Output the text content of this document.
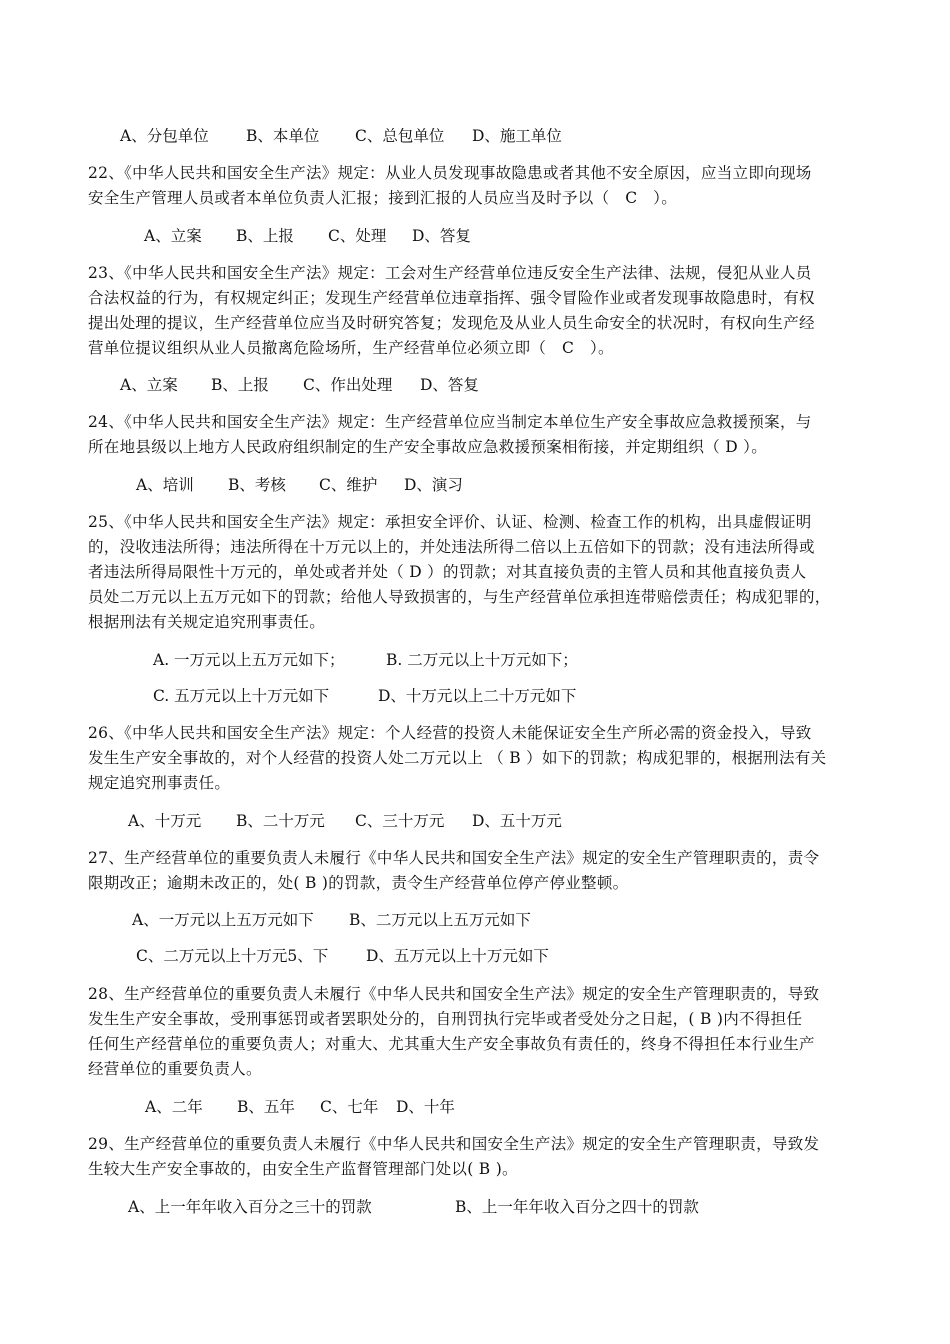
A、分包单位 B、本单位 C、总包单位 D、施工单位
22、《中华人民共和国安全生产法》规定：从业人员发现事故隐患或者其他不安全原因，应当立即向现场
安全生产管理人员或者本单位负责人汇报；接到汇报的人员应当及时予以（　C　）。
A、立案 B、上报 C、处理 D、答复
23、《中华人民共和国安全生产法》规定：工会对生产经营单位违反安全生产法律、法规，侵犯从业人员
合法权益的行为，有权规定纠正；发现生产经营单位违章指挥、强令冒险作业或者发现事故隐患时，有权
提出处理的提议，生产经营单位应当及时研究答复；发现危及从业人员生命安全的状况时，有权向生产经
营单位提议组织从业人员撤离危险场所，生产经营单位必须立即（　C　）。
A、立案 B、上报 C、作出处理 D、答复
24、《中华人民共和国安全生产法》规定：生产经营单位应当制定本单位生产安全事故应急救援预案，与
所在地县级以上地方人民政府组织制定的生产安全事故应急救援预案相衔接，并定期组织（ D ）。
A、培训 B、考核 C、维护 D、演习
25、《中华人民共和国安全生产法》规定：承担安全评价、认证、检测、检查工作的机构，出具虚假证明
的，没收违法所得；违法所得在十万元以上的，并处违法所得二倍以上五倍如下的罚款；没有违法所得或
者违法所得局限性十万元的，单处或者并处（ D ）的罚款；对其直接负责的主管人员和其他直接负责人
员处二万元以上五万元如下的罚款；给他人导致损害的，与生产经营单位承担连带赔偿责任；构成犯罪的，
根据刑法有关规定追究刑事责任。
A. 一万元以上五万元如下；	B. 二万元以上十万元如下；
C. 五万元以上十万元如下	D、十万元以上二十万元如下
26、《中华人民共和国安全生产法》规定：个人经营的投资人未能保证安全生产所必需的资金投入，导致
发生生产安全事故的，对个人经营的投资人处二万元以上 （ B ）如下的罚款；构成犯罪的，根据刑法有关
规定追究刑事责任。
A、十万元 B、二十万元 C、三十万元 D、五十万元
27、生产经营单位的重要负责人未履行《中华人民共和国安全生产法》规定的安全生产管理职责的，责令
限期改正；逾期未改正的，处( B )的罚款，责令生产经营单位停产停业整顿。
A、一万元以上五万元如下 B、二万元以上五万元如下
C、二万元以上十万元5、下 D、五万元以上十万元如下
28、生产经营单位的重要负责人未履行《中华人民共和国安全生产法》规定的安全生产管理职责的，导致
发生生产安全事故，受刑事惩罚或者罢职处分的，自刑罚执行完毕或者受处分之日起，( B )内不得担任
任何生产经营单位的重要负责人；对重大、尤其重大生产安全事故负有责任的，终身不得担任本行业生产
经营单位的重要负责人。
A、二年 B、五年 C、七年 D、十年
29、生产经营单位的重要负责人未履行《中华人民共和国安全生产法》规定的安全生产管理职责，导致发
生较大生产安全事故的，由安全生产监督管理部门处以( B )。
A、上一年年收入百分之三十的罚款	B、上一年年收入百分之四十的罚款
